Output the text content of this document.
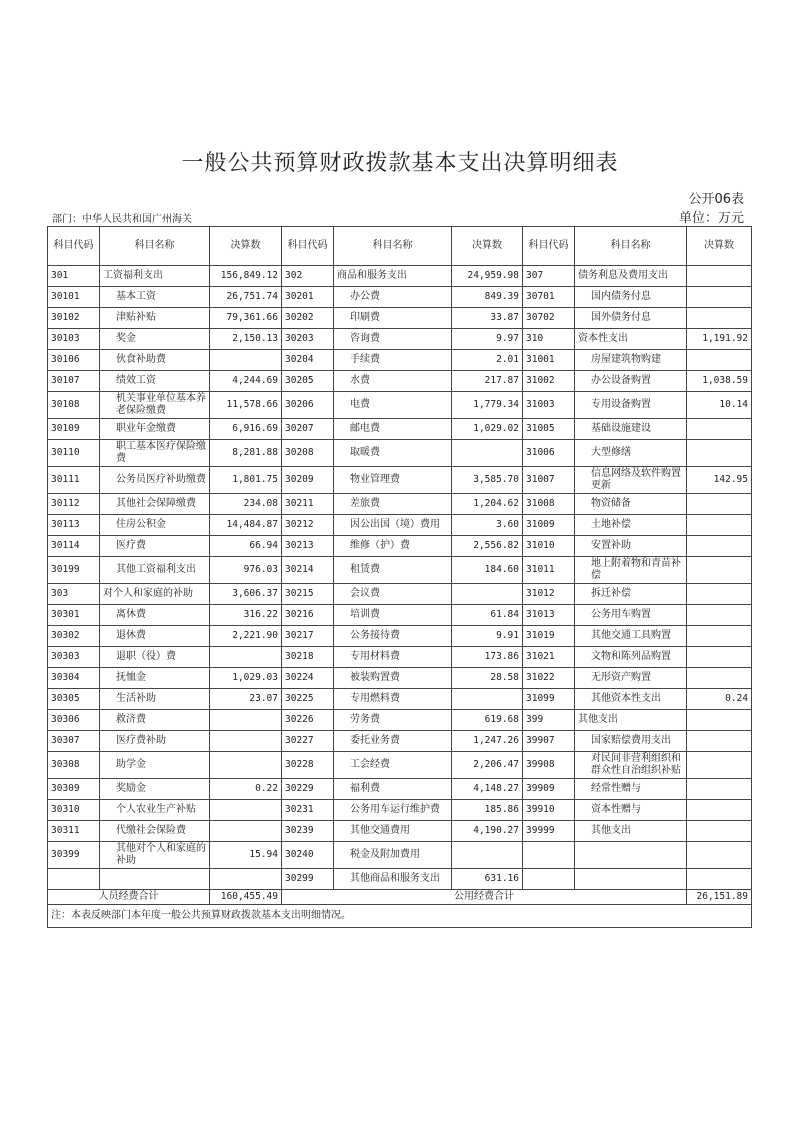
一般公共预算财政拨款基本支出决算明细表
公开06表
部门：中华人民共和国广州海关	单位：万元
科目代码	科目名称	决算数	科目代码	科目名称	决算数	科目代码	科目名称	决算数
301	工资福利支出	156,849.12	302	商品和服务支出	24,959.98	307	债务利息及费用支出	
30101	基本工资	26,751.74	30201	办公费	849.39	30701	国内债务付息	
30102	津贴补贴	79,361.66	30202	印刷费	33.87	30702	国外债务付息	
30103	奖金	2,150.13	30203	咨询费	9.97	310	资本性支出	1,191.92
30106	伙食补助费		30204	手续费	2.01	31001	房屋建筑物购建	
30107	绩效工资	4,244.69	30205	水费	217.87	31002	办公设备购置	1,038.59
30108	机关事业单位基本养老保险缴费	11,578.66	30206	电费	1,779.34	31003	专用设备购置	10.14
30109	职业年金缴费	6,916.69	30207	邮电费	1,029.02	31005	基础设施建设	
30110	职工基本医疗保险缴费	8,281.88	30208	取暖费		31006	大型修缮	
30111	公务员医疗补助缴费	1,801.75	30209	物业管理费	3,585.70	31007	信息网络及软件购置更新	142.95
30112	其他社会保障缴费	234.08	30211	差旅费	1,204.62	31008	物资储备	
30113	住房公积金	14,484.87	30212	因公出国（境）费用	3.60	31009	土地补偿	
30114	医疗费	66.94	30213	维修（护）费	2,556.82	31010	安置补助	
30199	其他工资福利支出	976.03	30214	租赁费	184.60	31011	地上附着物和青苗补偿	
303	对个人和家庭的补助	3,606.37	30215	会议费		31012	拆迁补偿	
30301	离休费	316.22	30216	培训费	61.84	31013	公务用车购置	
30302	退休费	2,221.90	30217	公务接待费	9.91	31019	其他交通工具购置	
30303	退职（役）费		30218	专用材料费	173.86	31021	文物和陈列品购置	
30304	抚恤金	1,029.03	30224	被装购置费	28.58	31022	无形资产购置	
30305	生活补助	23.07	30225	专用燃料费		31099	其他资本性支出	0.24
30306	救济费		30226	劳务费	619.68	399	其他支出	
30307	医疗费补助		30227	委托业务费	1,247.26	39907	国家赔偿费用支出	
30308	助学金		30228	工会经费	2,206.47	39908	对民间非营利组织和群众性自治组织补贴	
30309	奖励金	0.22	30229	福利费	4,148.27	39909	经常性赠与	
30310	个人农业生产补贴		30231	公务用车运行维护费	185.86	39910	资本性赠与	
30311	代缴社会保险费		30239	其他交通费用	4,190.27	39999	其他支出	
30399	其他对个人和家庭的补助	15.94	30240	税金及附加费用				
			30299	其他商品和服务支出	631.16			
人员经费合计		160,455.49	公用经费合计					26,151.89
注：本表反映部门本年度一般公共预算财政拨款基本支出明细情况。								
